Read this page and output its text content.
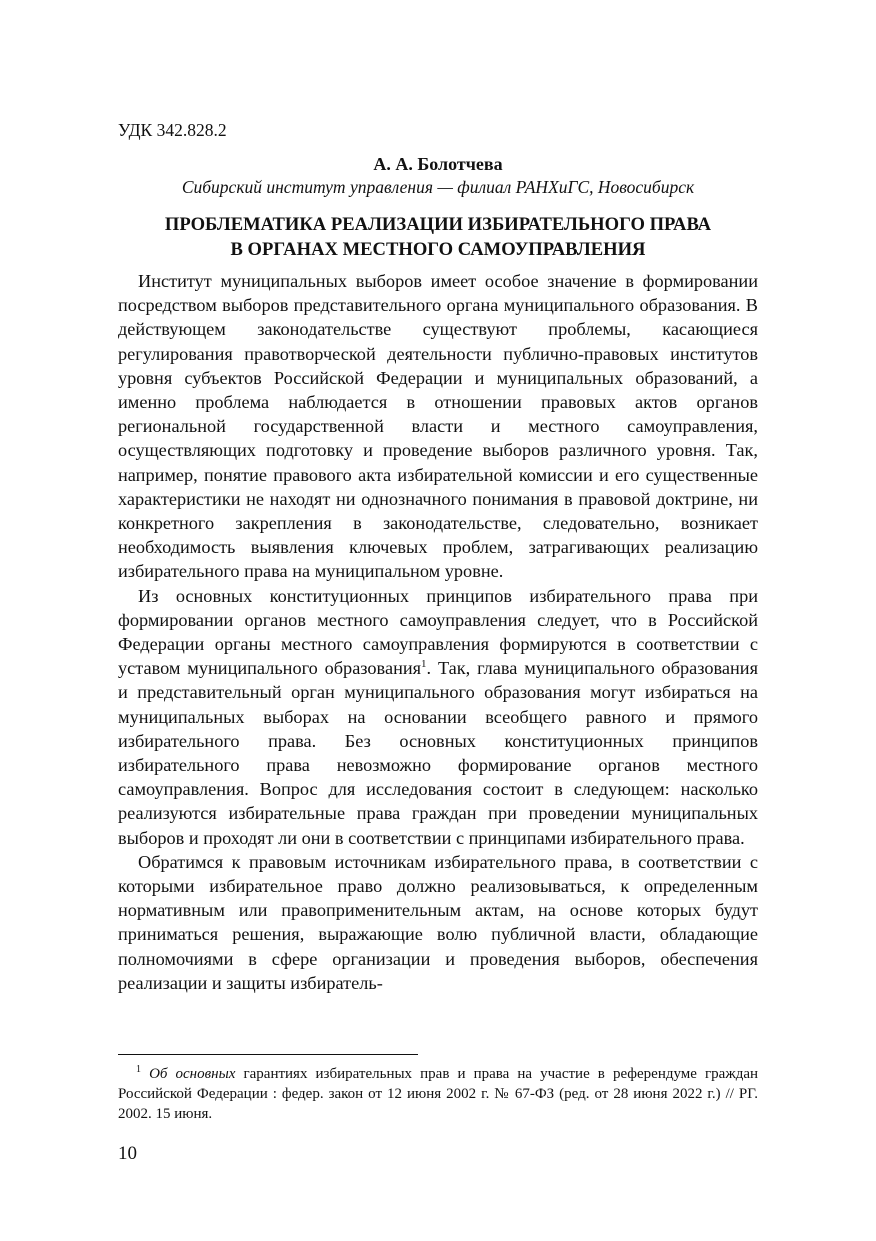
УДК 342.828.2
А. А. Болотчева
Сибирский институт управления — филиал РАНХиГС, Новосибирск
ПРОБЛЕМАТИКА РЕАЛИЗАЦИИ ИЗБИРАТЕЛЬНОГО ПРАВА
В ОРГАНАХ МЕСТНОГО САМОУПРАВЛЕНИЯ

Институт муниципальных выборов имеет особое значение в формировании посредством выборов представительного органа муниципального образования. В действующем законодательстве существуют проблемы, касающиеся регулирования правотворческой деятельности публично-правовых институтов уровня субъектов Российской Федерации и муниципальных образований, а именно проблема наблюдается в отношении правовых актов органов региональной государственной власти и местного самоуправления, осуществляющих подготовку и проведение выборов различного уровня. Так, например, понятие правового акта избирательной комиссии и его существенные характеристики не находят ни однозначного понимания в правовой доктрине, ни конкретного закрепления в законодательстве, следовательно, возникает необходимость выявления ключевых проблем, затрагивающих реализацию избирательного права на муниципальном уровне.

Из основных конституционных принципов избирательного права при формировании органов местного самоуправления следует, что в Российской Федерации органы местного самоуправления формируются в соответствии с уставом муниципального образования$^1$. Так, глава муниципального образования и представительный орган муниципального образования могут избираться на муниципальных выборах на основании всеобщего равного и прямого избирательного права. Без основных конституционных принципов избирательного права невозможно формирование органов местного самоуправления. Вопрос для исследования состоит в следующем: насколько реализуются избирательные права граждан при проведении муниципальных выборов и проходят ли они в соответствии с принципами избирательного права.

Обратимся к правовым источникам избирательного права, в соответствии с которыми избирательное право должно реализовываться, к определенным нормативным или правоприменительным актам, на основе которых будут приниматься решения, выражающие волю публичной власти, обладающие полномочиями в сфере организации и проведения выборов, обеспечения реализации и защиты избиратель-

$^1$ Об основных гарантиях избирательных прав и права на участие в референдуме граждан Российской Федерации : федер. закон от 12 июня 2002 г. № 67-ФЗ (ред. от 28 июня 2022 г.) // РГ. 2002. 15 июня.
10
